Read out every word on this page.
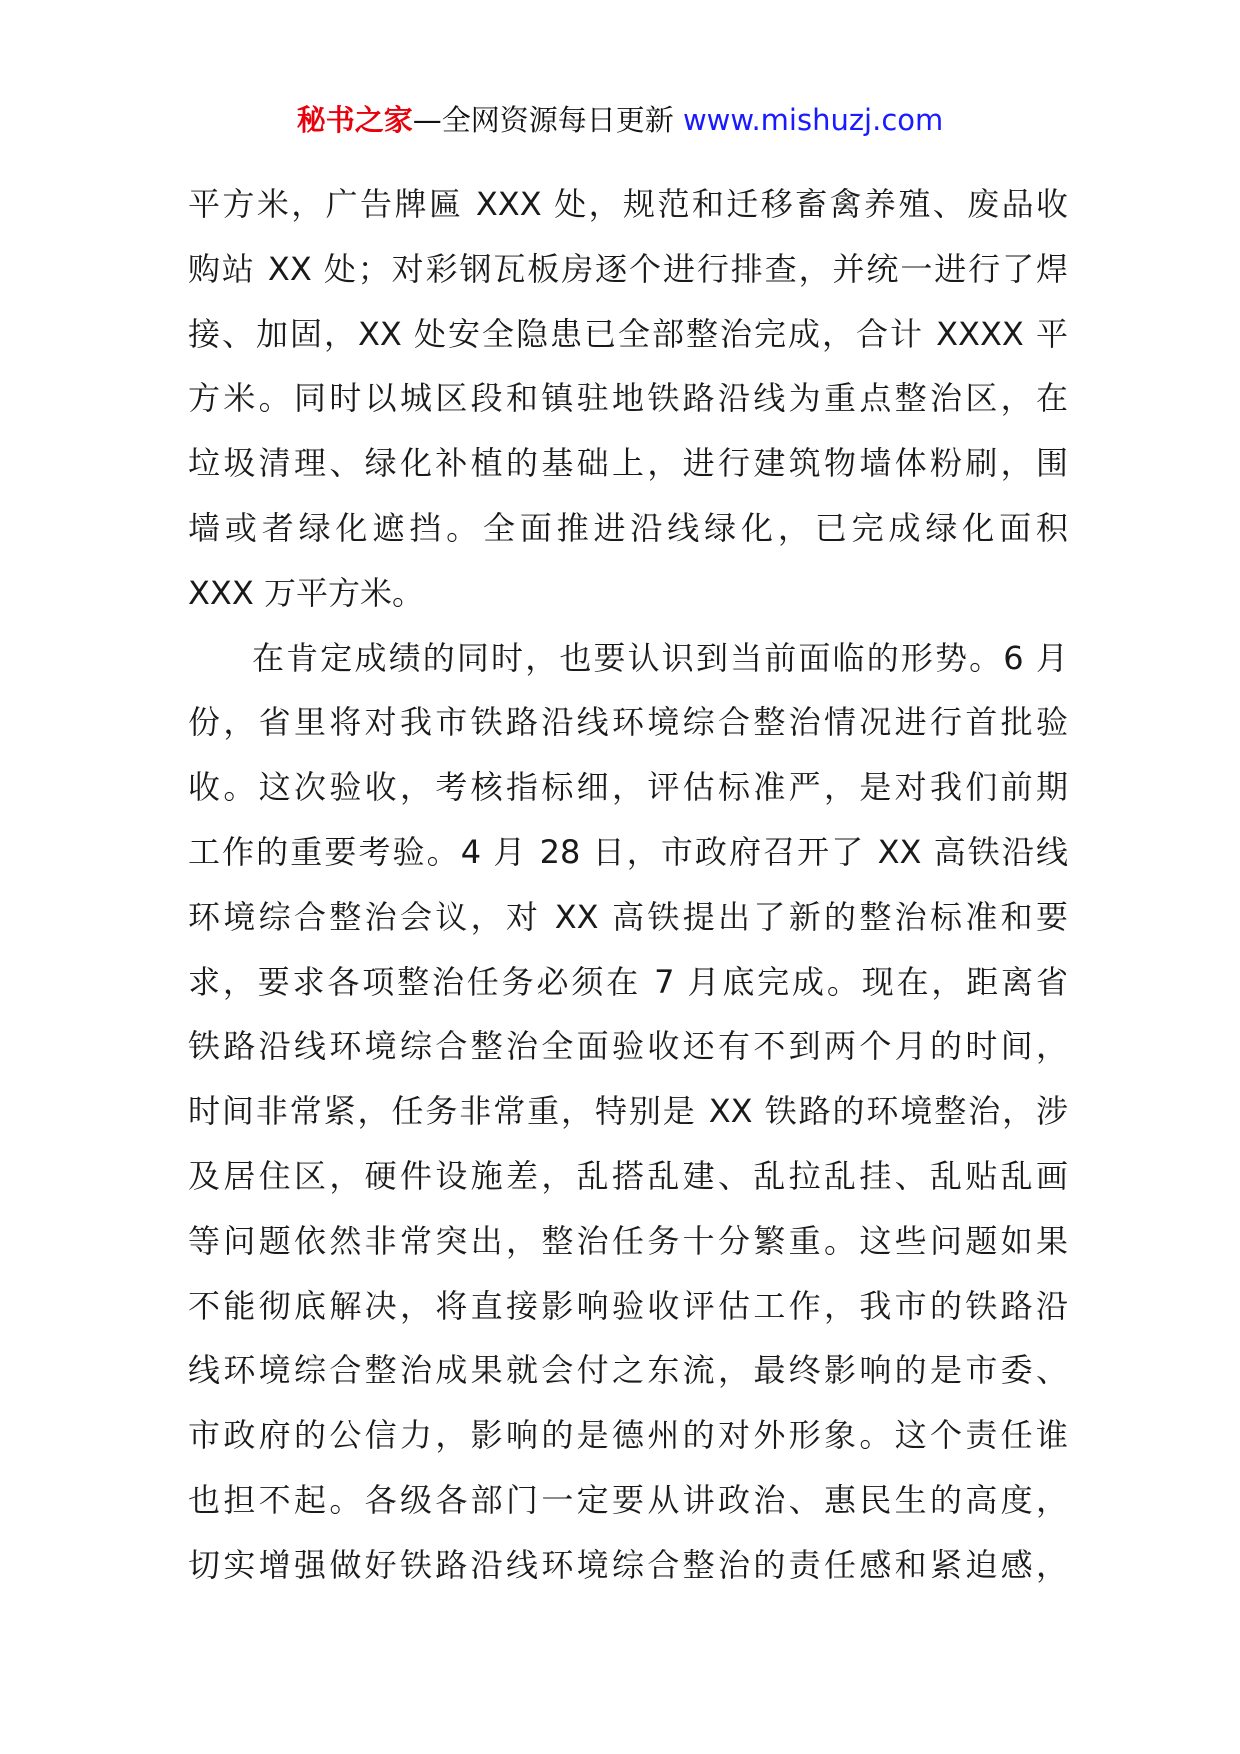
秘书之家—全网资源每日更新 www.mishuzj.com
平方米，广告牌匾 XXX 处，规范和迁移畜禽养殖、废品收
购站 XX 处；对彩钢瓦板房逐个进行排查，并统一进行了焊
接、加固，XX 处安全隐患已全部整治完成，合计 XXXX 平
方米。同时以城区段和镇驻地铁路沿线为重点整治区，在
垃圾清理、绿化补植的基础上，进行建筑物墙体粉刷，围
墙或者绿化遮挡。全面推进沿线绿化，已完成绿化面积
XXX 万平方米。
在肯定成绩的同时，也要认识到当前面临的形势。6 月
份，省里将对我市铁路沿线环境综合整治情况进行首批验
收。这次验收，考核指标细，评估标准严，是对我们前期
工作的重要考验。4 月 28 日，市政府召开了 XX 高铁沿线
环境综合整治会议，对 XX 高铁提出了新的整治标准和要
求，要求各项整治任务必须在 7 月底完成。现在，距离省
铁路沿线环境综合整治全面验收还有不到两个月的时间，
时间非常紧，任务非常重，特别是 XX 铁路的环境整治，涉
及居住区，硬件设施差，乱搭乱建、乱拉乱挂、乱贴乱画
等问题依然非常突出，整治任务十分繁重。这些问题如果
不能彻底解决，将直接影响验收评估工作，我市的铁路沿
线环境综合整治成果就会付之东流，最终影响的是市委、
市政府的公信力，影响的是德州的对外形象。这个责任谁
也担不起。各级各部门一定要从讲政治、惠民生的高度，
切实增强做好铁路沿线环境综合整治的责任感和紧迫感，
